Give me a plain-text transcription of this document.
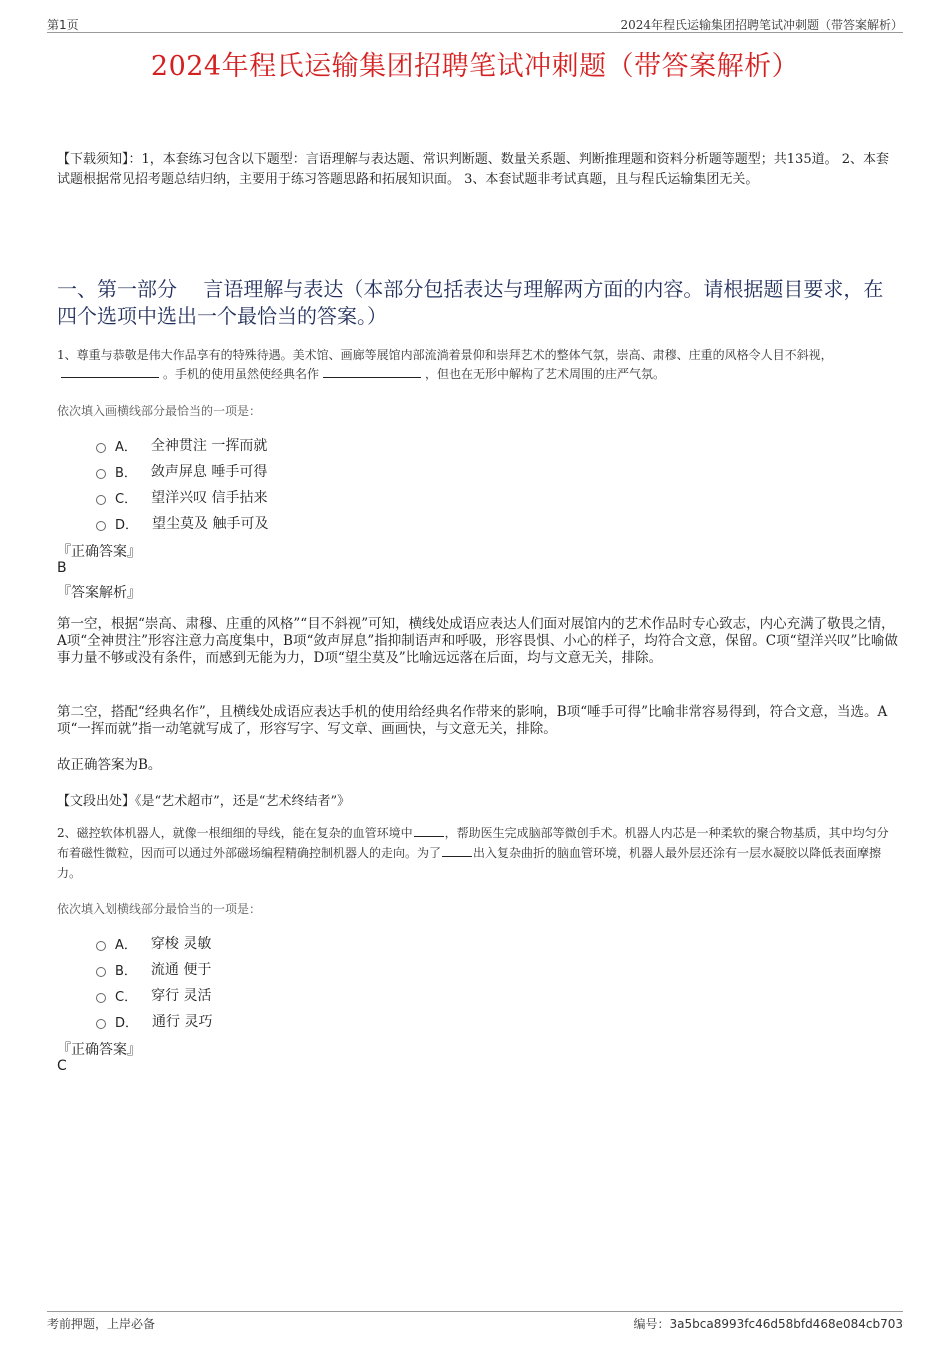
第1页	2024年程氏运输集团招聘笔试冲刺题（带答案解析）
2024年程氏运输集团招聘笔试冲刺题（带答案解析）
【下载须知】：1，本套练习包含以下题型：言语理解与表达题、常识判断题、数量关系题、判断推理题和资料分析题等题型；共135道。 2、本套试题根据常见招考题总结归纳，主要用于练习答题思路和拓展知识面。 3、本套试题非考试真题，且与程氏运输集团无关。
一、第一部分　 言语理解与表达（本部分包括表达与理解两方面的内容。请根据题目要求，在四个选项中选出一个最恰当的答案。）
1、尊重与恭敬是伟大作品享有的特殊待遇。美术馆、画廊等展馆内部流淌着景仰和崇拜艺术的整体气氛，崇高、肃穆、庄重的风格令人目不斜视，。手机的使用虽然使经典名作	，但也在无形中解构了艺术周围的庄严气氛。
依次填入画横线部分最恰当的一项是：
A． 全神贯注 一挥而就
B． 敛声屏息 唾手可得
C． 望洋兴叹 信手拈来
D． 望尘莫及 触手可及
『正确答案』
B
『答案解析』
第一空，根据“崇高、肃穆、庄重的风格”“目不斜视”可知，横线处成语应表达人们面对展馆内的艺术作品时专心致志，内心充满了敬畏之情，A项“全神贯注”形容注意力高度集中，B项“敛声屏息”指抑制语声和呼吸，形容畏惧、小心的样子，均符合文意，保留。C项“望洋兴叹”比喻做事力量不够或没有条件，而感到无能为力，D项“望尘莫及”比喻远远落在后面，均与文意无关，排除。
第二空，搭配“经典名作”，且横线处成语应表达手机的使用给经典名作带来的影响，B项“唾手可得”比喻非常容易得到，符合文意，当选。A项“一挥而就”指一动笔就写成了，形容写字、写文章、画画快，与文意无关，排除。
故正确答案为B。
【文段出处】《是“艺术超市”，还是“艺术终结者”》
2、磁控软体机器人，就像一根细细的导线，能在复杂的血管环境中	，帮助医生完成脑部等微创手术。机器人内芯是一种柔软的聚合物基质，其中均匀分布着磁性微粒，因而可以通过外部磁场编程精确控制机器人的走向。为了	出入复杂曲折的脑血管环境，机器人最外层还涂有一层水凝胶以降低表面摩擦力。
依次填入划横线部分最恰当的一项是：
A． 穿梭 灵敏
B． 流通 便于
C． 穿行 灵活
D． 通行 灵巧
『正确答案』
C
考前押题，上岸必备	编号：3a5bca8993fc46d58bfd468e084cb703
